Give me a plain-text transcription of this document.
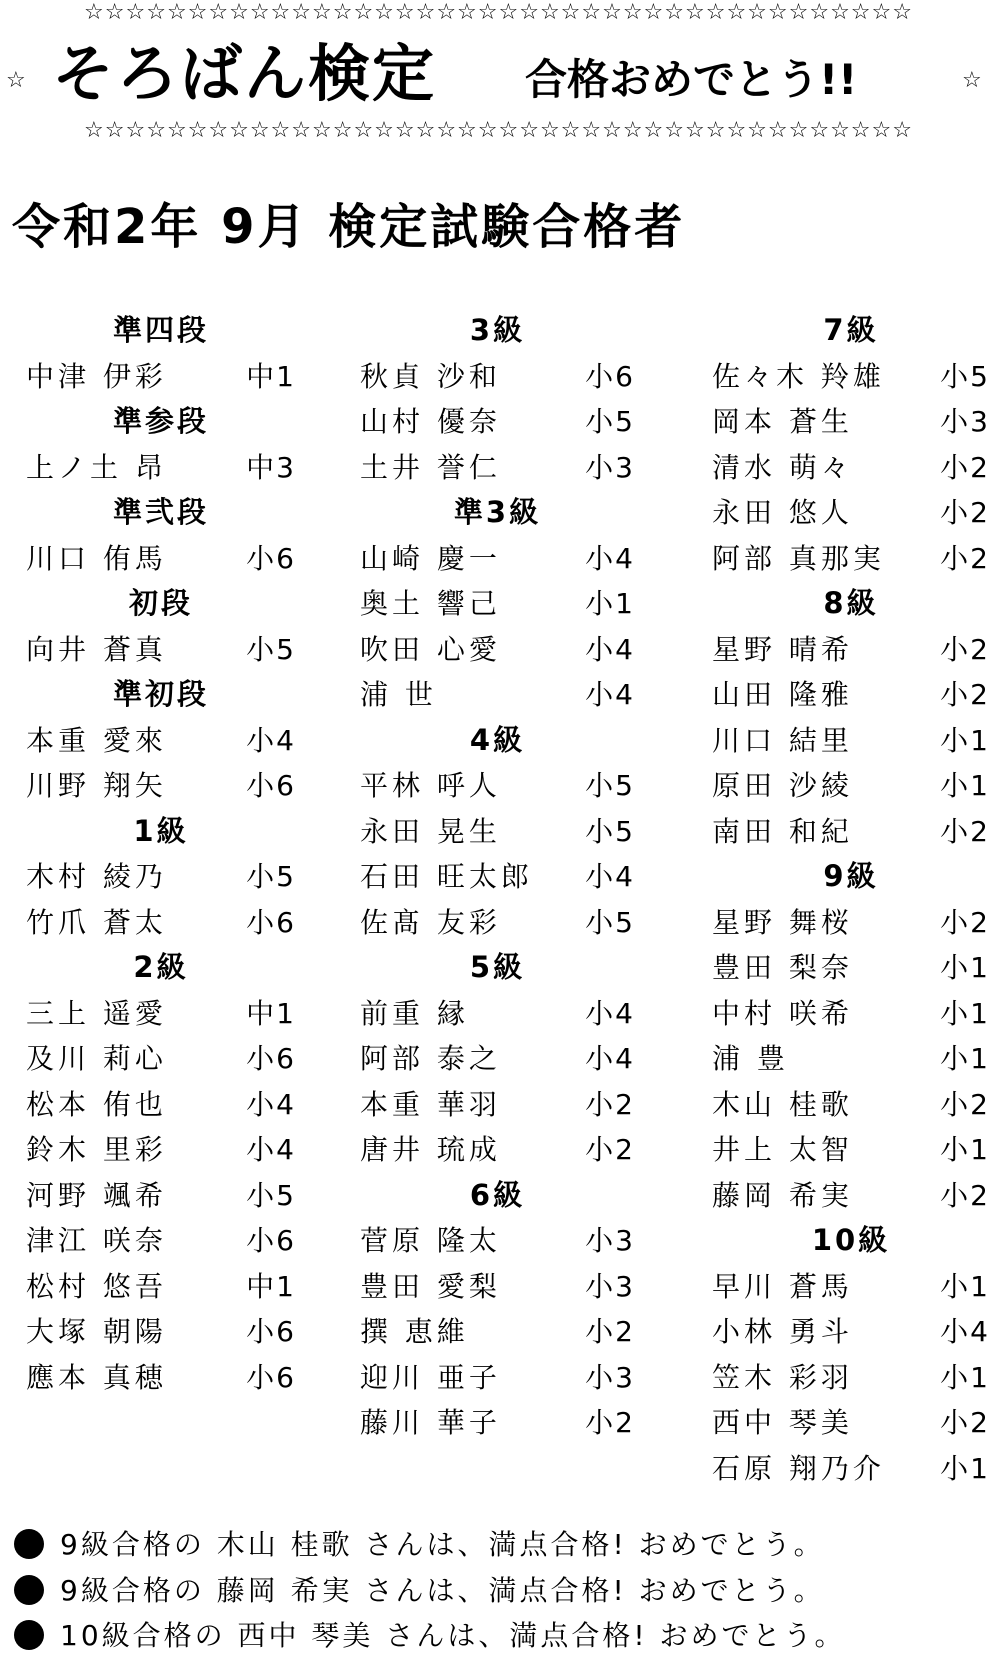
☆☆☆☆☆☆☆☆☆☆☆☆☆☆☆☆☆☆☆☆☆☆☆☆☆☆☆☆☆☆☆☆☆☆☆☆☆☆☆☆
☆ そろばん検定 合格おめでとう!!	☆
☆☆☆☆☆☆☆☆☆☆☆☆☆☆☆☆☆☆☆☆☆☆☆☆☆☆☆☆☆☆☆☆☆☆☆☆☆☆☆☆
令和2年 9月 検定試験合格者
準四段
中津 伊彩	中1
準参段
上ノ土 昂	中3
準弐段
川口 侑馬	小6
初段
向井 蒼真	小5
準初段
本重 愛來	小4
川野 翔矢	小6
1級
木村 綾乃	小5
竹爪 蒼太	小6
2級
三上 遥愛	中1
及川 莉心	小6
松本 侑也	小4
鈴木 里彩	小4
河野 颯希	小5
津江 咲奈	小6
松村 悠吾	中1
大塚 朝陽	小6
應本 真穂	小6
3級
秋貞 沙和	小6
山村 優奈	小5
土井 誉仁	小3
準3級
山崎 慶一	小4
奥土 響己	小1
吹田 心愛	小4
浦 世	小4
4級
平林 呼人	小5
永田 晃生	小5
石田 旺太郎 小4
佐髙 友彩	小5
5級
前重 縁	小4
阿部 泰之	小4
本重 華羽	小2
唐井 琉成	小2
6級
菅原 隆太	小3
豊田 愛梨	小3
撰 恵維	小2
迎川 亜子	小3
藤川 華子	小2
7級
佐々木 羚雄 小5
岡本 蒼生	小3
清水 萌々	小2
永田 悠人	小2
阿部 真那実 小2
8級
星野 晴希	小2
山田 隆雅	小2
川口 結里	小1
原田 沙綾	小1
南田 和紀	小2
9級
星野 舞桜	小2
豊田 梨奈	小1
中村 咲希	小1
浦 豊	小1
木山 桂歌	小2
井上 太智	小1
藤岡 希実	小2
10級
早川 蒼馬	小1
小林 勇斗	小4
笠木 彩羽	小1
西中 琴美	小2
石原 翔乃介 小1
9級合格の 木山 桂歌 さんは、満点合格! おめでとう。
9級合格の 藤岡 希実 さんは、満点合格! おめでとう。
10級合格の 西中 琴美 さんは、満点合格! おめでとう。
